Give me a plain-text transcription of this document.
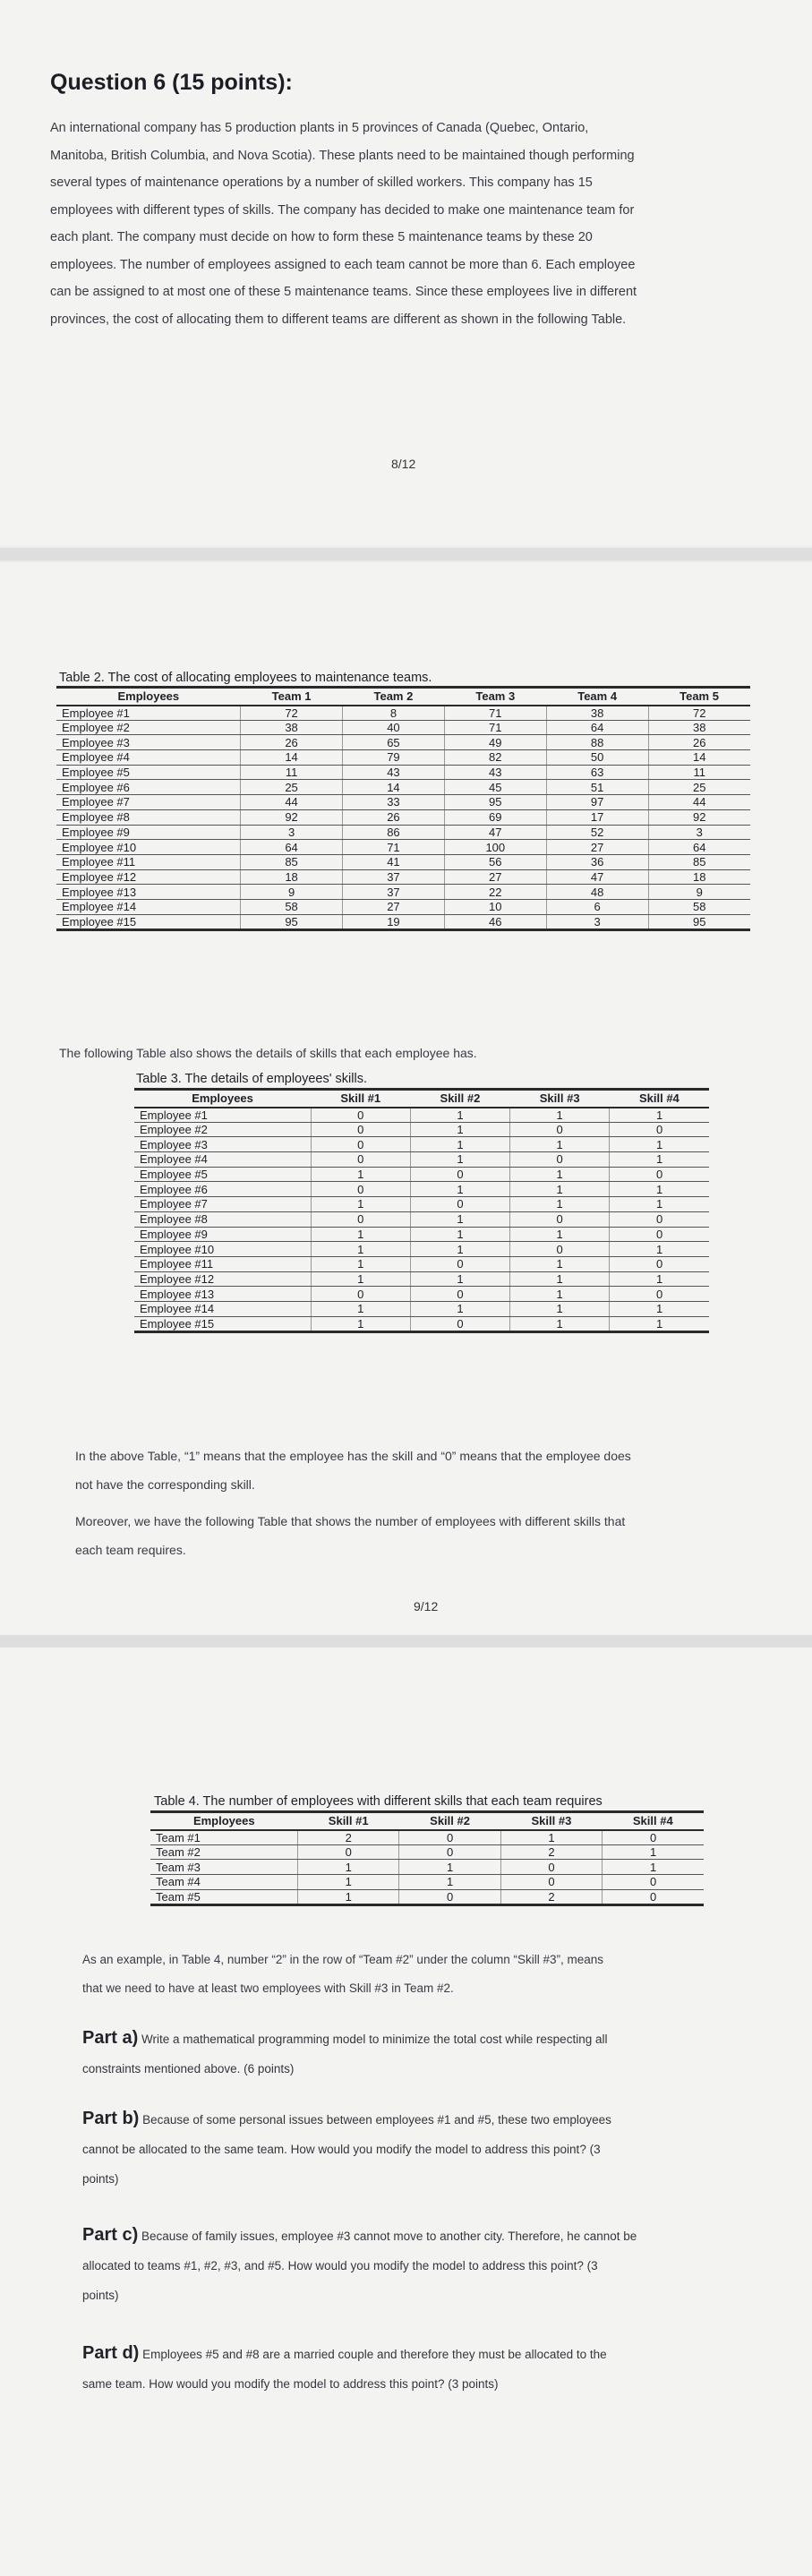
Question 6 (15 points):
An international company has 5 production plants in 5 provinces of Canada (Quebec, Ontario,
Manitoba, British Columbia, and Nova Scotia). These plants need to be maintained though performing
several types of maintenance operations by a number of skilled workers. This company has 15
employees with different types of skills. The company has decided to make one maintenance team for
each plant. The company must decide on how to form these 5 maintenance teams by these 20
employees. The number of employees assigned to each team cannot be more than 6. Each employee
can be assigned to at most one of these 5 maintenance teams. Since these employees live in different
provinces, the cost of allocating them to different teams are different as shown in the following Table.
8/12
Table 2. The cost of allocating employees to maintenance teams.
Employees	Team 1	Team 2	Team 3	Team 4	Team 5
Employee #1	72	8	71	38	72
Employee #2	38	40	71	64	38
Employee #3	26	65	49	88	26
Employee #4	14	79	82	50	14
Employee #5	11	43	43	63	11
Employee #6	25	14	45	51	25
Employee #7	44	33	95	97	44
Employee #8	92	26	69	17	92
Employee #9	3	86	47	52	3
Employee #10	64	71	100	27	64
Employee #11	85	41	56	36	85
Employee #12	18	37	27	47	18
Employee #13	9	37	22	48	9
Employee #14	58	27	10	6	58
Employee #15	95	19	46	3	95
The following Table also shows the details of skills that each employee has.
Table 3. The details of employees' skills.
Employees	Skill #1	Skill #2	Skill #3	Skill #4
Employee #1	0	1	1	1
Employee #2	0	1	0	0
Employee #3	0	1	1	1
Employee #4	0	1	0	1
Employee #5	1	0	1	0
Employee #6	0	1	1	1
Employee #7	1	0	1	1
Employee #8	0	1	0	0
Employee #9	1	1	1	0
Employee #10	1	1	0	1
Employee #11	1	0	1	0
Employee #12	1	1	1	1
Employee #13	0	0	1	0
Employee #14	1	1	1	1
Employee #15	1	0	1	1
In the above Table, “1” means that the employee has the skill and “0” means that the employee does
not have the corresponding skill.
Moreover, we have the following Table that shows the number of employees with different skills that
each team requires.
9/12
Table 4. The number of employees with different skills that each team requires
Employees	Skill #1	Skill #2	Skill #3	Skill #4
Team #1	2	0	1	0
Team #2	0	0	2	1
Team #3	1	1	0	1
Team #4	1	1	0	0
Team #5	1	0	2	0
As an example, in Table 4, number “2” in the row of “Team #2” under the column “Skill #3”, means
that we need to have at least two employees with Skill #3 in Team #2.
Part a) Write a mathematical programming model to minimize the total cost while respecting all
constraints mentioned above. (6 points)
Part b) Because of some personal issues between employees #1 and #5, these two employees
cannot be allocated to the same team. How would you modify the model to address this point? (3
points)
Part c) Because of family issues, employee #3 cannot move to another city. Therefore, he cannot be
allocated to teams #1, #2, #3, and #5. How would you modify the model to address this point? (3
points)
Part d) Employees #5 and #8 are a married couple and therefore they must be allocated to the
same team. How would you modify the model to address this point? (3 points)
